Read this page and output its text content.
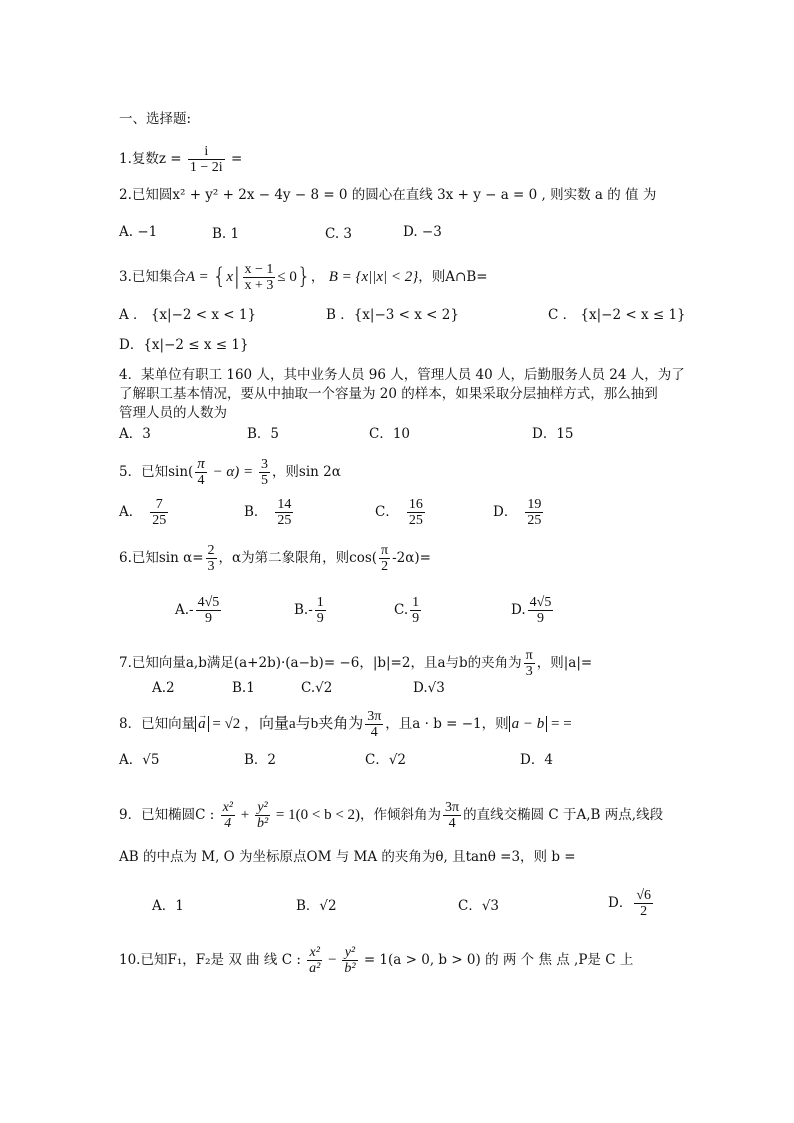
一、选择题:
1.复数$z = \frac{i}{1 - 2i}$ =
2.已知圆x² + y² + 2x − 4y − 8 = 0 的圆心在直线 3x + y − a = 0 , 则实数 a 的 值 为
A. −1	B. 1	C. 3	D. −3
3.已知集合$A = \{x| \frac{x - 1}{x + 3} \le 0\}$， B = {x||x| < 2}，则A∩B=
A ． {x|−2 < x < 1}	B ．{x|−3 < x < 2}	C ． {x|−2 < x ≤ 1}
D．{x|−2 ≤ x ≤ 1}
4．某单位有职工 160 人，其中业务人员 96 人，管理人员 40 人，后勤服务人员 24 人，为了
了解职工基本情况，要从中抽取一个容量为 20 的样本，如果采取分层抽样方式，那么抽到
管理人员的人数为
A．3	B．5	C．10	D．15
5．已知$\sin( \frac{\pi}{4} - \alpha) = \frac{3}{5}$ ，则sin 2α
A． $\frac{7}{25}$	B． $\frac{14}{25}$	C． $\frac{16}{25}$	D． $\frac{19}{25}$
6.已知$\sin \alpha= \frac{2}{3}$ ，α为第二象限角，则$\cos( \frac{\pi}{2} -2\alpha)=$
$A.- \frac{4√5}{9}$	$B.- \frac{1}{9}$	C. $\frac{1}{9}$	D. $\frac{4√5}{9}$
7.已知向量a,b满足(a+2b)·(a−b)= −6，|b|=2，且a与b的夹角为 $\frac{\pi}{3}$ ，则|a|=
A.2	B.1	C.√2	D.√3
8．已知向量→ a = √2 ，向量a与b夹角为 $\frac{3\pi}{4}$ ，且a · b = −1，则 a − b = =
A．√5	B．2	C．√2	D．4
9．已知椭圆C : $\frac{\text{x²}}{4} + \frac{\text{y²}}{\text{b²}} = 1(0 < b < 2)$，作倾斜角为 $\frac{3\pi}{4}$ 的直线交椭圆 C 于A,B 两点,线段
AB 的中点为 M, O 为坐标原点OM 与 MA 的夹角为θ, 且tanθ =3，则 b =
A．1	B．√2	C．√3	D． $\frac{√6}{2}$
10.已知F₁，F₂是 双 曲 线 C : $\frac{\text{x²}}{\text{a²}} - \frac{\text{y²}}{\text{b²}} = 1(a > 0$, b > 0) 的 两 个 焦 点 ,P是 C 上
